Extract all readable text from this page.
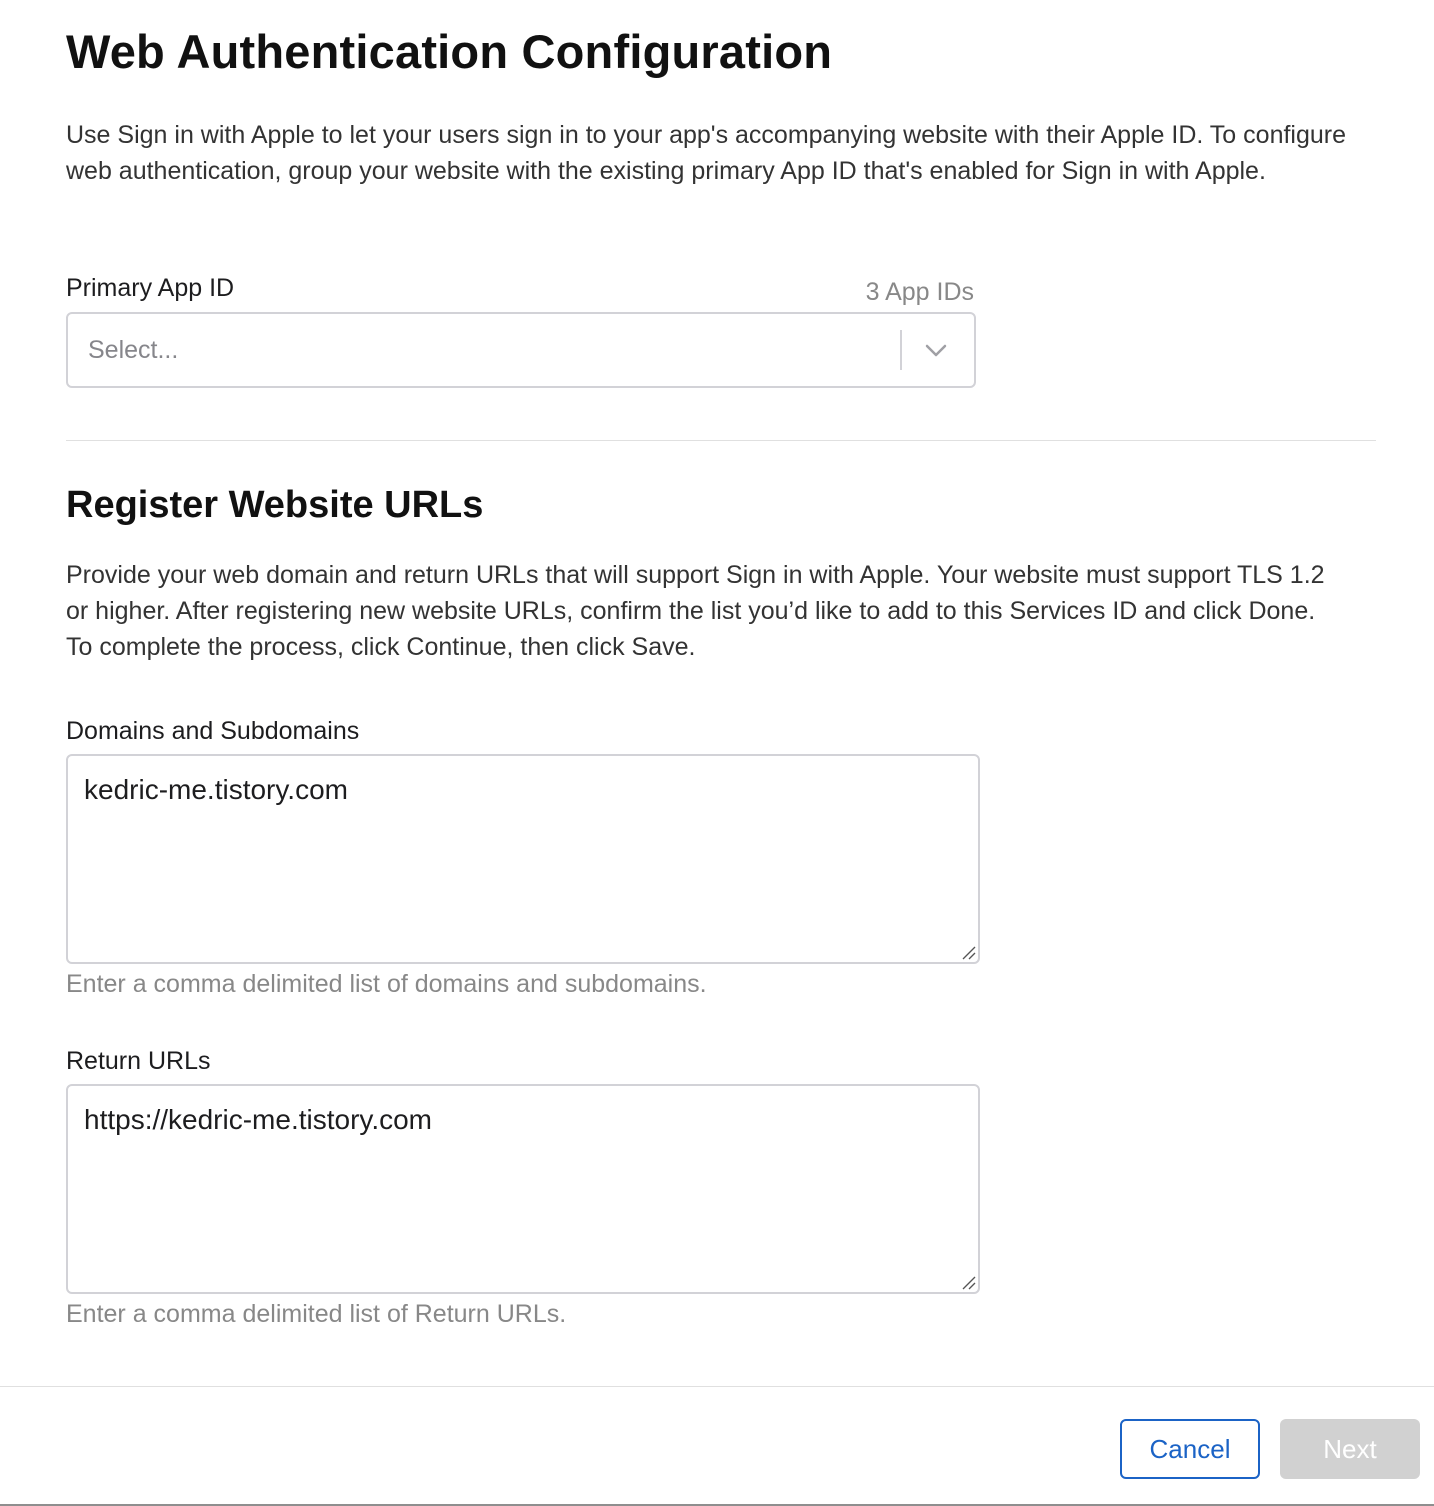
Web Authentication Configuration

Use Sign in with Apple to let your users sign in to your app's accompanying website with their Apple ID. To configure web authentication, group your website with the existing primary App ID that's enabled for Sign in with Apple.

Primary App ID	3 App IDs
Select...
Register Website URLs

Provide your web domain and return URLs that will support Sign in with Apple. Your website must support TLS 1.2 or higher. After registering new website URLs, confirm the list you’d like to add to this Services ID and click Done. To complete the process, click Continue, then click Save.

Domains and Subdomains
kedric-me.tistory.com
Enter a comma delimited list of domains and subdomains.
Return URLs
https://kedric-me.tistory.com
Enter a comma delimited list of Return URLs.
Cancel	Next
